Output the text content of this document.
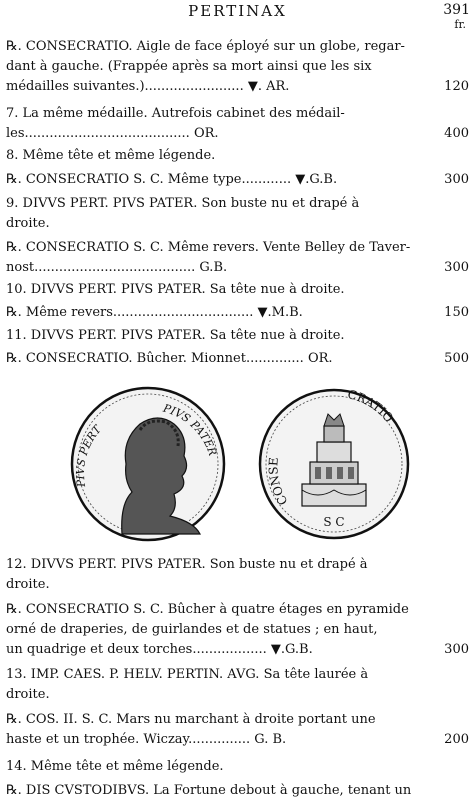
PERTINAX	391
fr.
℞. CONSECRATIO. Aigle de face éployé sur un globe, regar-
dant à gauche. (Frappée après sa mort ainsi que les six
médailles suivantes.)........................ ▼. AR.	120
7. La même médaille. Autrefois cabinet des médail-
les........................................ OR.	400
8. Même tête et même légende.
℞. CONSECRATIO S. C. Même type............ ▼.G.B.	300
9. DIVVS PERT. PIVS PATER. Son buste nu et drapé à
droite.
℞. CONSECRATIO S. C. Même revers. Vente Belley de Taver-
nost....................................... G.B.	300
10. DIVVS PERT. PIVS PATER. Sa tête nue à droite.
℞. Même revers.................................. ▼.M.B.	150
11. DIVVS PERT. PIVS PATER. Sa tête nue à droite.
℞. CONSECRATIO. Bûcher. Mionnet.............. OR.	500
PIVS PERT
PIVS PATER
CONSE
CRATIO
S C
12. DIVVS PERT. PIVS PATER. Son buste nu et drapé à
droite.
℞. CONSECRATIO S. C. Bûcher à quatre étages en pyramide
orné de draperies, de guirlandes et de statues ; en haut,
un quadrige et deux torches.................. ▼.G.B.	300
13. IMP. CAES. P. HELV. PERTIN. AVG. Sa tête laurée à
droite.
℞. COS. II. S. C. Mars nu marchant à droite portant une
haste et un trophée. Wiczay............... G. B.	200
14. Même tête et même légende.
℞. DIS CVSTODIBVS. La Fortune debout à gauche, tenant un
